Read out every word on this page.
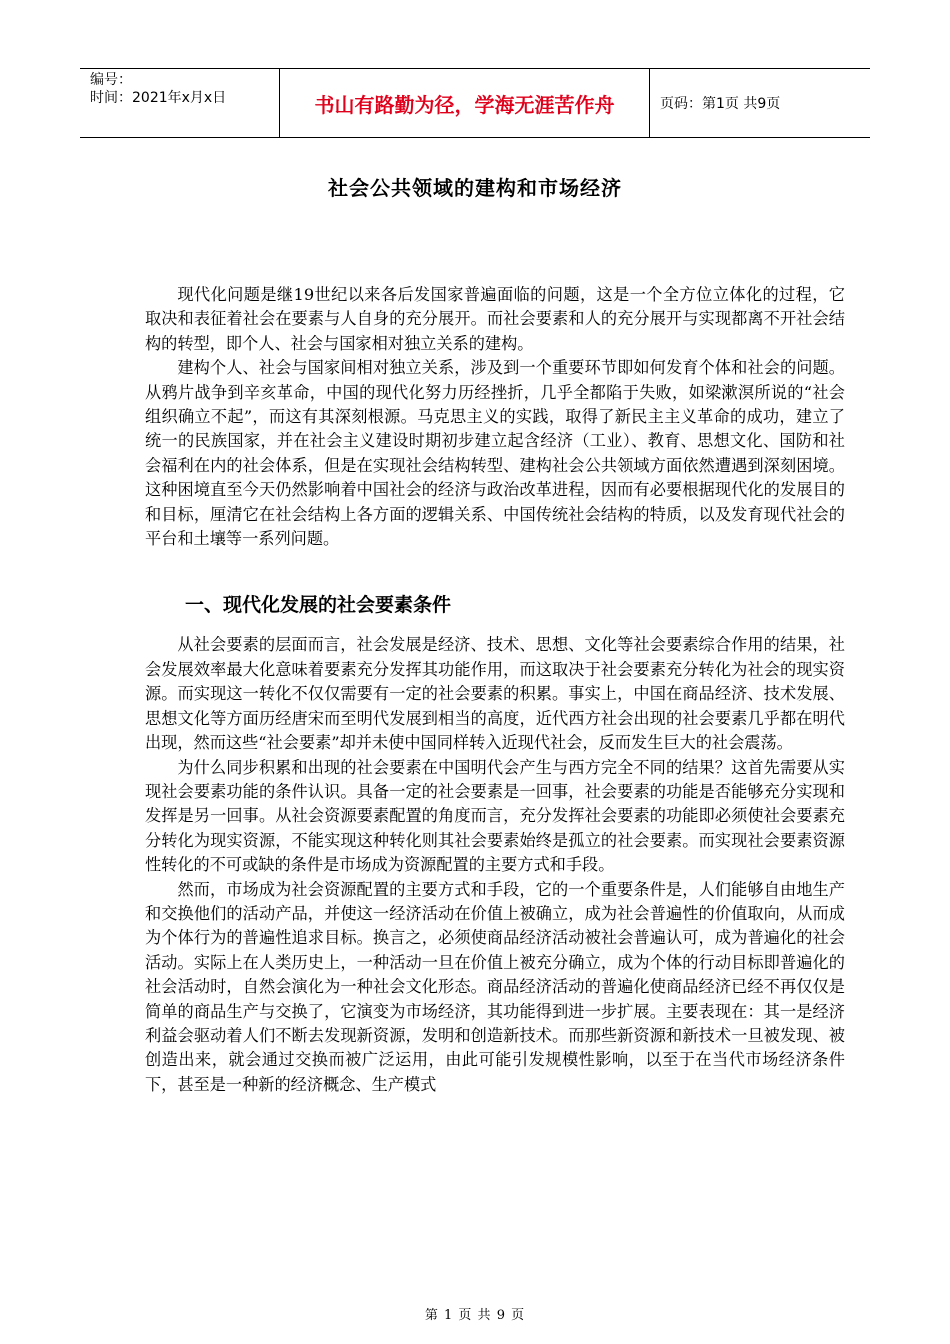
编号：
时间：2021年x月x日	书山有路勤为径，学海无涯苦作舟	页码：第1页 共9页
社会公共领域的建构和市场经济

现代化问题是继19世纪以来各后发国家普遍面临的问题，这是一个全方位立体化的过程，它取决和表征着社会在要素与人自身的充分展开。而社会要素和人的充分展开与实现都离不开社会结构的转型，即个人、社会与国家相对独立关系的建构。

建构个人、社会与国家间相对独立关系，涉及到一个重要环节即如何发育个体和社会的问题。从鸦片战争到辛亥革命，中国的现代化努力历经挫折，几乎全都陷于失败，如梁漱溟所说的“社会组织确立不起”，而这有其深刻根源。马克思主义的实践，取得了新民主主义革命的成功，建立了统一的民族国家，并在社会主义建设时期初步建立起含经济（工业）、教育、思想文化、国防和社会福利在内的社会体系，但是在实现社会结构转型、建构社会公共领域方面依然遭遇到深刻困境。这种困境直至今天仍然影响着中国社会的经济与政治改革进程，因而有必要根据现代化的发展目的和目标，厘清它在社会结构上各方面的逻辑关系、中国传统社会结构的特质，以及发育现代社会的平台和土壤等一系列问题。

一、现代化发展的社会要素条件

从社会要素的层面而言，社会发展是经济、技术、思想、文化等社会要素综合作用的结果，社会发展效率最大化意味着要素充分发挥其功能作用，而这取决于社会要素充分转化为社会的现实资源。而实现这一转化不仅仅需要有一定的社会要素的积累。事实上，中国在商品经济、技术发展、思想文化等方面历经唐宋而至明代发展到相当的高度，近代西方社会出现的社会要素几乎都在明代出现，然而这些“社会要素”却并未使中国同样转入近现代社会，反而发生巨大的社会震荡。

为什么同步积累和出现的社会要素在中国明代会产生与西方完全不同的结果？这首先需要从实现社会要素功能的条件认识。具备一定的社会要素是一回事，社会要素的功能是否能够充分实现和发挥是另一回事。从社会资源要素配置的角度而言，充分发挥社会要素的功能即必须使社会要素充分转化为现实资源，不能实现这种转化则其社会要素始终是孤立的社会要素。而实现社会要素资源性转化的不可或缺的条件是市场成为资源配置的主要方式和手段。

然而，市场成为社会资源配置的主要方式和手段，它的一个重要条件是，人们能够自由地生产和交换他们的活动产品，并使这一经济活动在价值上被确立，成为社会普遍性的价值取向，从而成为个体行为的普遍性追求目标。换言之，必须使商品经济活动被社会普遍认可，成为普遍化的社会活动。实际上在人类历史上，一种活动一旦在价值上被充分确立，成为个体的行动目标即普遍化的社会活动时，自然会演化为一种社会文化形态。商品经济活动的普遍化使商品经济已经不再仅仅是简单的商品生产与交换了，它演变为市场经济，其功能得到进一步扩展。主要表现在：其一是经济利益会驱动着人们不断去发现新资源，发明和创造新技术。而那些新资源和新技术一旦被发现、被创造出来，就会通过交换而被广泛运用，由此可能引发规模性影响，以至于在当代市场经济条件下，甚至是一种新的经济概念、生产模式

第 1 页 共 9 页
